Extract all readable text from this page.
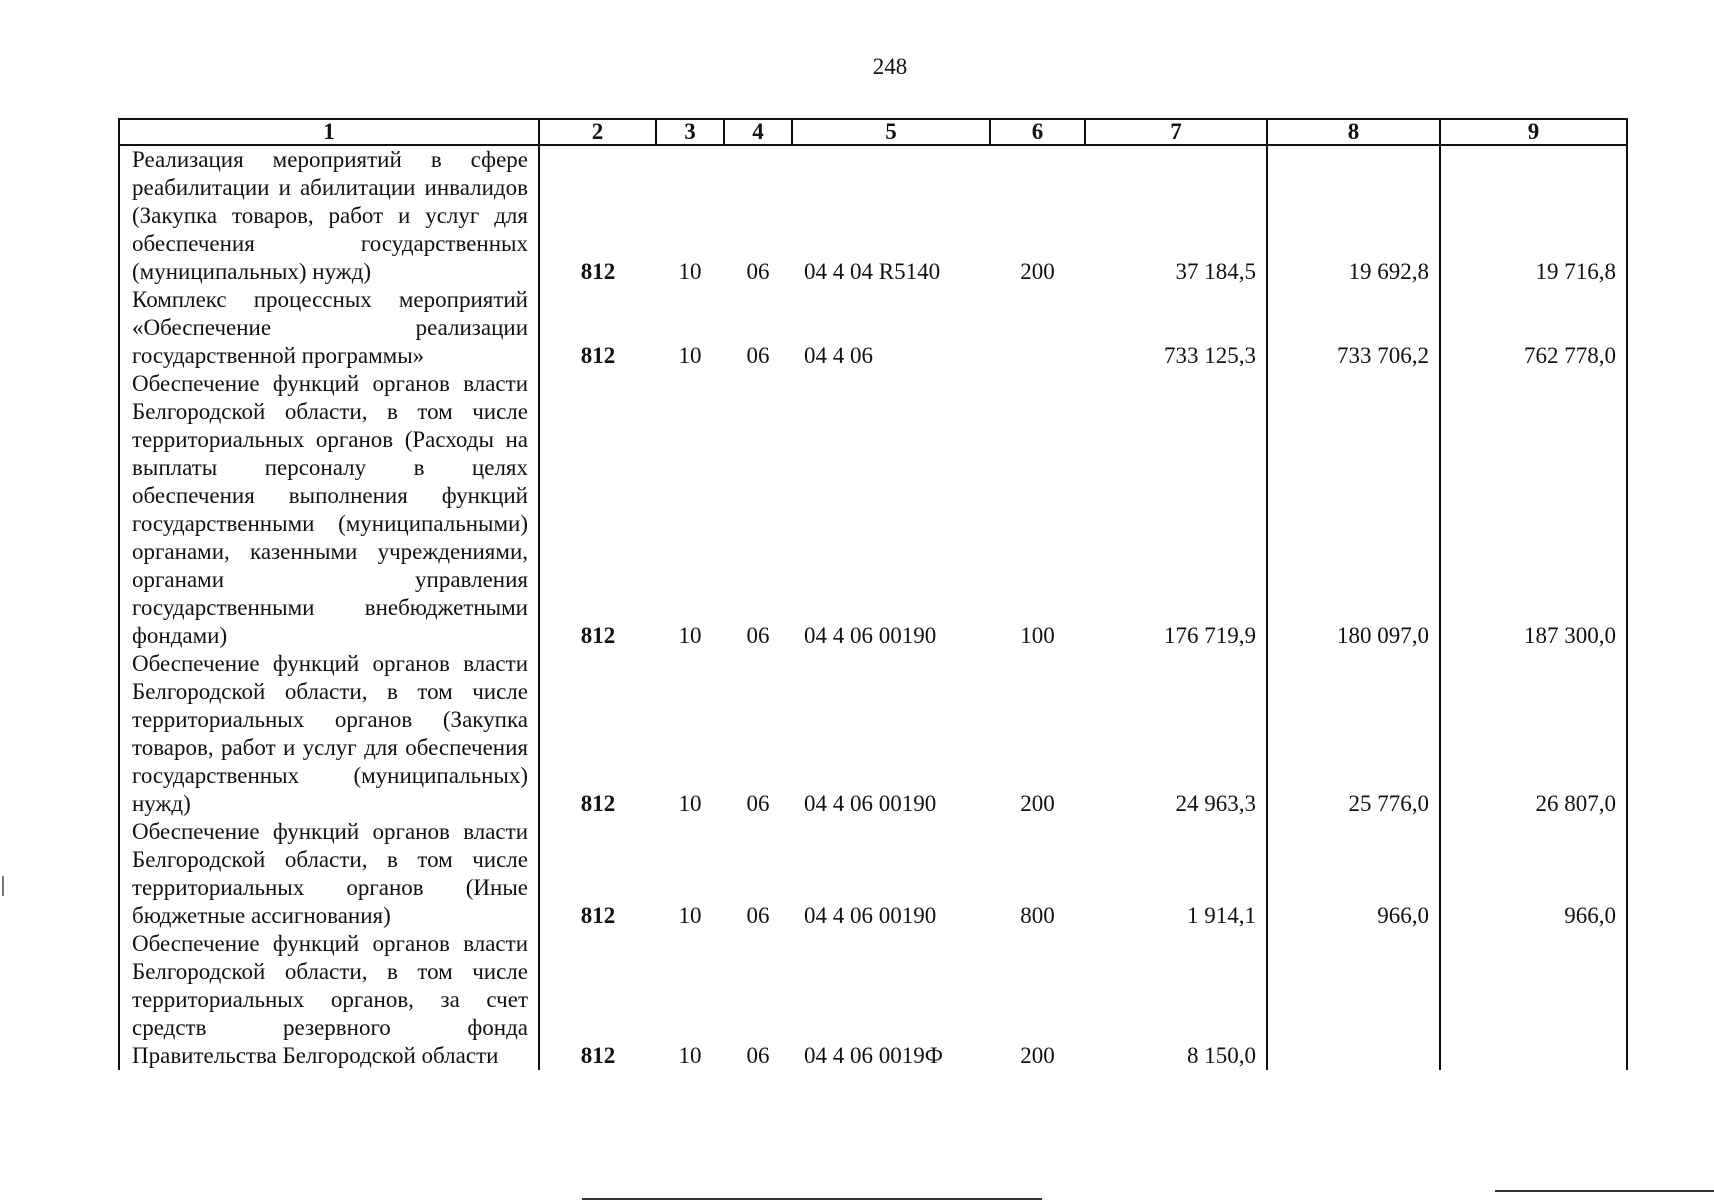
248
1	2	3	4	5	6	7	8	9
Реализация мероприятий в сфере реабилитации и абилитации инвалидов (Закупка товаров, работ и услуг для обеспечения государственных (муниципальных) нужд)	812	10	06	04 4 04 R5140	200	37 184,5	19 692,8	19 716,8
Комплекс процессных мероприятий «Обеспечение реализации государственной программы»	812	10	06	04 4 06		733 125,3	733 706,2	762 778,0
Обеспечение функций органов власти Белгородской области, в том числе территориальных органов (Расходы на выплаты персоналу в целях обеспечения выполнения функций государственными (муниципальными) органами, казенными учреждениями, органами управления государственными внебюджетными фондами)	812	10	06	04 4 06 00190	100	176 719,9	180 097,0	187 300,0
Обеспечение функций органов власти Белгородской области, в том числе территориальных органов (Закупка товаров, работ и услуг для обеспечения государственных (муниципальных) нужд)	812	10	06	04 4 06 00190	200	24 963,3	25 776,0	26 807,0
Обеспечение функций органов власти Белгородской области, в том числе территориальных органов (Иные бюджетные ассигнования)	812	10	06	04 4 06 00190	800	1 914,1	966,0	966,0
Обеспечение функций органов власти Белгородской области, в том числе территориальных органов, за счет средств резервного фонда Правительства Белгородской области	812	10	06	04 4 06 0019Ф	200	8 150,0		
